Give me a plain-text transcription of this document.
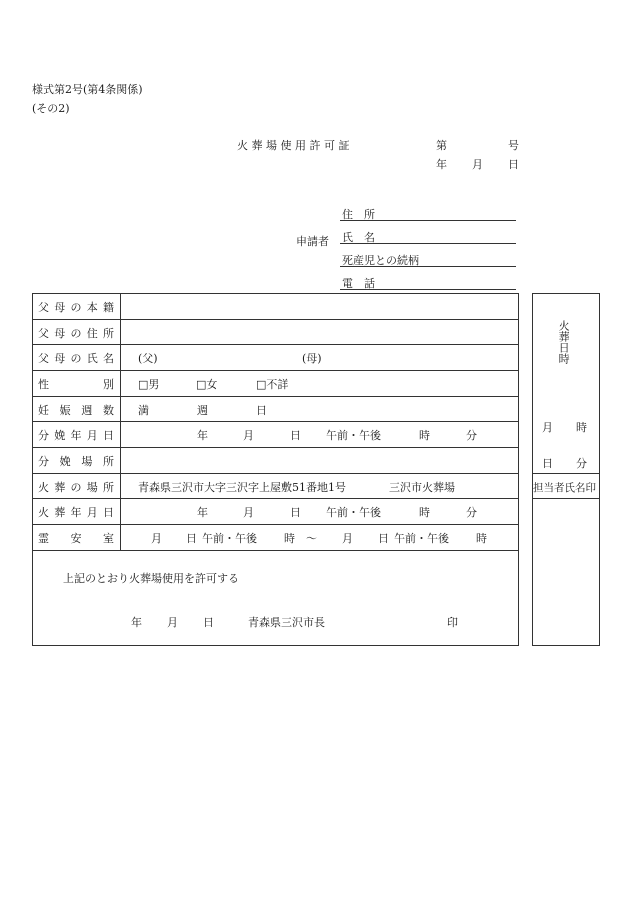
様式第2号(第4条関係)
(その2)
火 葬 場 使 用 許 可 証	第	号
年 月 日
申請者
住　所
氏　名
死産児との続柄
電　話
父母の本籍
父母の住所
父母の氏名	(父)	(母)
性別	□男	□女	□不詳
妊娠週数	満	週	日
分娩年月日	年	月	日 午前・午後	時	分
分娩場所
火葬の場所	青森県三沢市大字三沢字上屋敷51番地1号	三沢市火葬場
火葬年月日	年	月	日 午前・午後	時	分
霊安室	月 日 午前・午後 時 ～ 月 日 午前・午後 時
上記のとおり火葬場使用を許可する
年 月 日	青森県三沢市長	印
火葬日時
月 時
日 分
担当者氏名印
